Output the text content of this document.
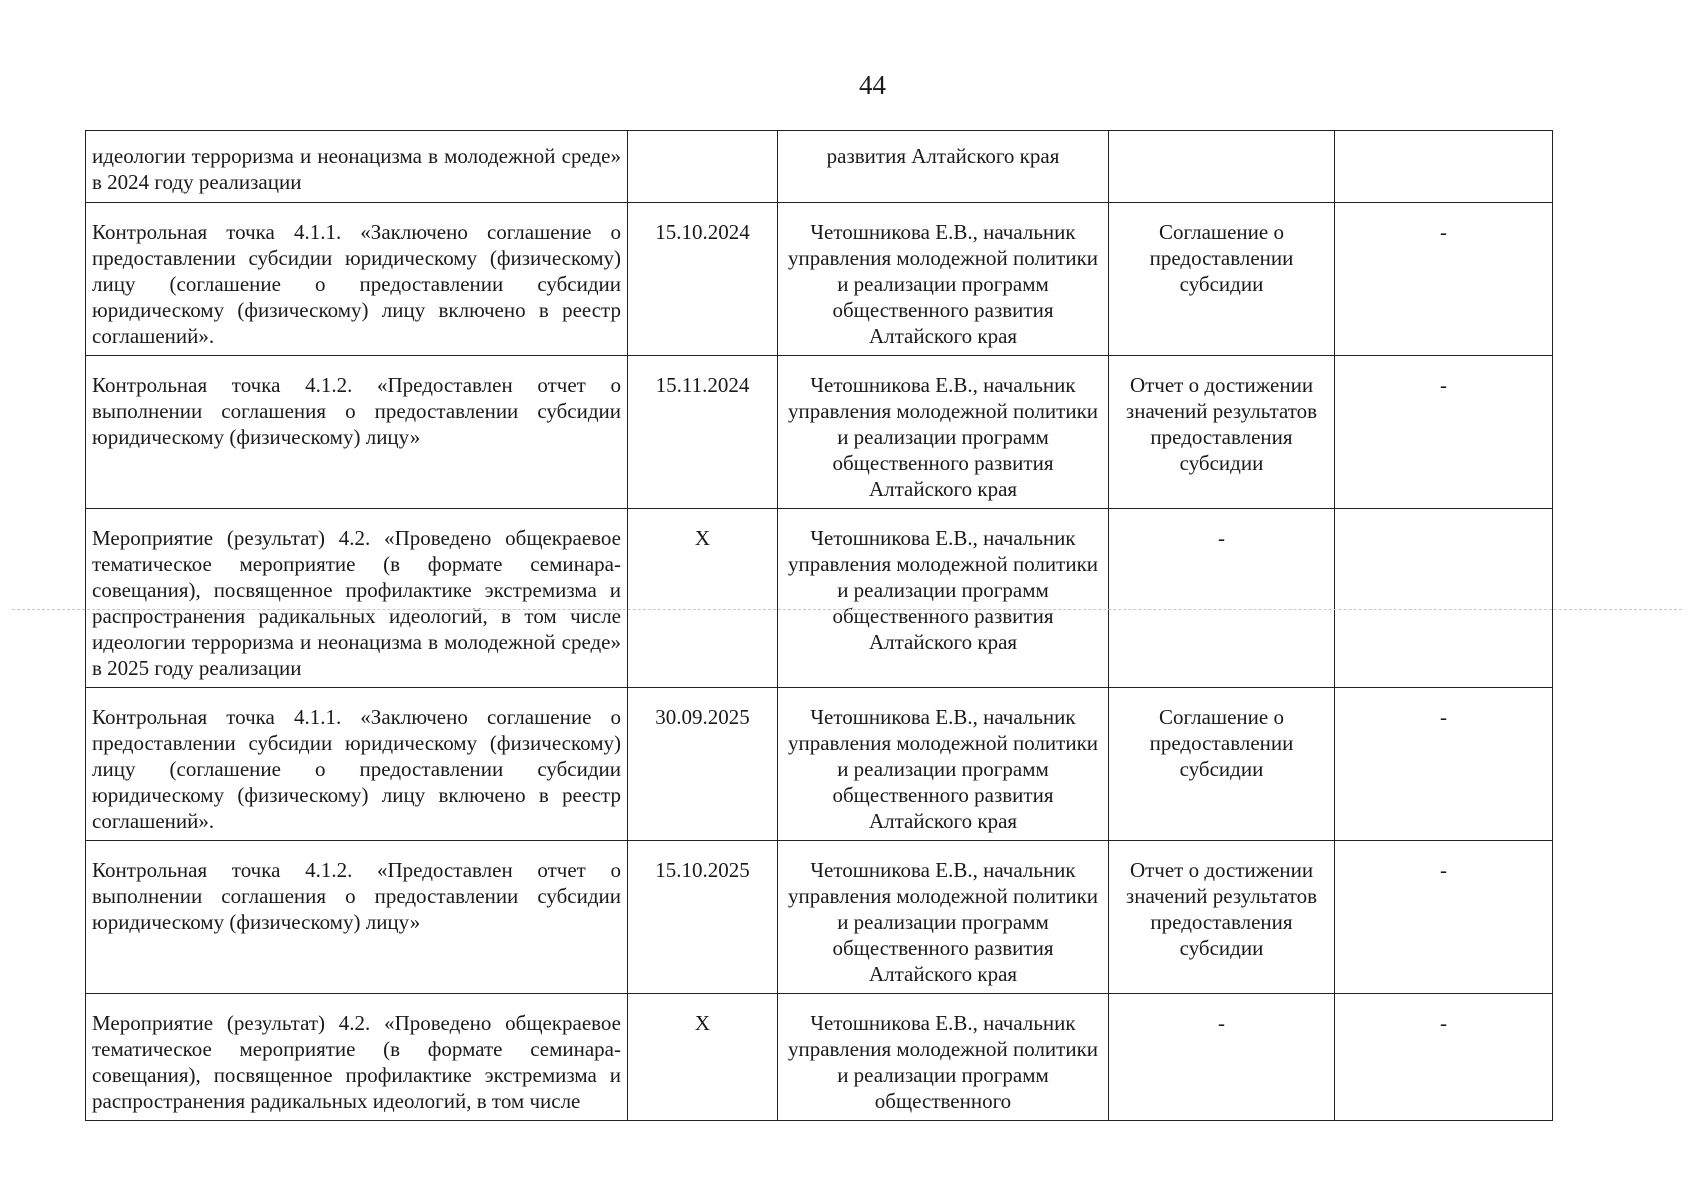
44
идеологии терроризма и неонацизма в молодежной среде» в 2024 году реализации		развития Алтайского края		
Контрольная точка 4.1.1. «Заключено соглашение о предоставлении субсидии юридическому (физическому) лицу (соглашение о предоставлении субсидии юридическому (физическому) лицу включено в реестр соглашений».	15.10.2024	Четошникова Е.В., начальник управления молодежной политики и реализации программ общественного развития Алтайского края	Соглашение о предоставлении субсидии	-
Контрольная точка 4.1.2. «Предоставлен отчет о выполнении соглашения о предоставлении субсидии юридическому (физическому) лицу»	15.11.2024	Четошникова Е.В., начальник управления молодежной политики и реализации программ общественного развития Алтайского края	Отчет о достижении значений результатов предоставления субсидии	-
Мероприятие (результат) 4.2. «Проведено общекраевое тематическое мероприятие (в формате семинара-совещания), посвященное профилактике экстремизма и распространения радикальных идеологий, в том числе идеологии терроризма и неонацизма в молодежной среде» в 2025 году реализации	X	Четошникова Е.В., начальник управления молодежной политики и реализации программ общественного развития Алтайского края	-	
Контрольная точка 4.1.1. «Заключено соглашение о предоставлении субсидии юридическому (физическому) лицу (соглашение о предоставлении субсидии юридическому (физическому) лицу включено в реестр соглашений».	30.09.2025	Четошникова Е.В., начальник управления молодежной политики и реализации программ общественного развития Алтайского края	Соглашение о предоставлении субсидии	-
Контрольная точка 4.1.2. «Предоставлен отчет о выполнении соглашения о предоставлении субсидии юридическому (физическому) лицу»	15.10.2025	Четошникова Е.В., начальник управления молодежной политики и реализации программ общественного развития Алтайского края	Отчет о достижении значений результатов предоставления субсидии	-
Мероприятие (результат) 4.2. «Проведено общекраевое тематическое мероприятие (в формате семинара-совещания), посвященное профилактике экстремизма и распространения радикальных идеологий, в том числе	X	Четошникова Е.В., начальник управления молодежной политики и реализации программ общественного	-	-
